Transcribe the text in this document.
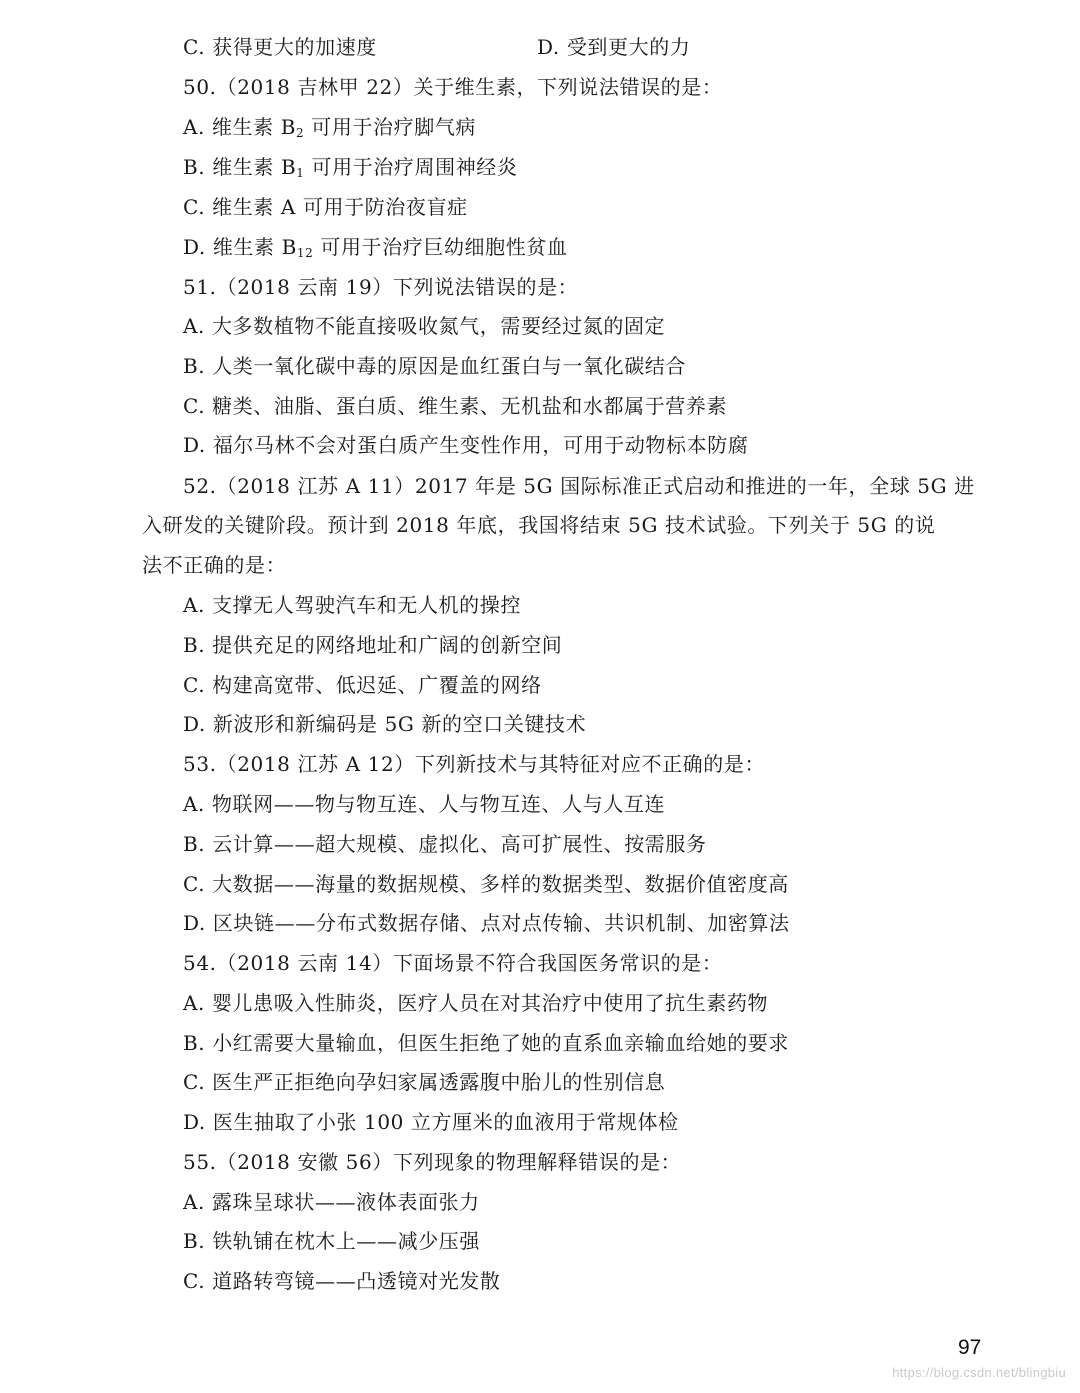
C. 获得更大的加速度	D. 受到更大的力
50.（2018 吉林甲 22）关于维生素，下列说法错误的是：
A. 维生素 $B_2$ 可用于治疗脚气病
B. 维生素 $B_1$ 可用于治疗周围神经炎
C. 维生素 A 可用于防治夜盲症
D. 维生素 $B_{12}$ 可用于治疗巨幼细胞性贫血
51.（2018 云南 19）下列说法错误的是：
A. 大多数植物不能直接吸收氮气，需要经过氮的固定
B. 人类一氧化碳中毒的原因是血红蛋白与一氧化碳结合
C. 糖类、油脂、蛋白质、维生素、无机盐和水都属于营养素
D. 福尔马林不会对蛋白质产生变性作用，可用于动物标本防腐
52.（2018 江苏 A 11）2017 年是 5G 国际标准正式启动和推进的一年，全球 5G 进
入研发的关键阶段。预计到 2018 年底，我国将结束 5G 技术试验。下列关于 5G 的说
法不正确的是：
A. 支撑无人驾驶汽车和无人机的操控
B. 提供充足的网络地址和广阔的创新空间
C. 构建高宽带、低迟延、广覆盖的网络
D. 新波形和新编码是 5G 新的空口关键技术
53.（2018 江苏 A 12）下列新技术与其特征对应不正确的是：
A. 物联网——物与物互连、人与物互连、人与人互连
B. 云计算——超大规模、虚拟化、高可扩展性、按需服务
C. 大数据——海量的数据规模、多样的数据类型、数据价值密度高
D. 区块链——分布式数据存储、点对点传输、共识机制、加密算法
54.（2018 云南 14）下面场景不符合我国医务常识的是：
A. 婴儿患吸入性肺炎，医疗人员在对其治疗中使用了抗生素药物
B. 小红需要大量输血，但医生拒绝了她的直系血亲输血给她的要求
C. 医生严正拒绝向孕妇家属透露腹中胎儿的性别信息
D. 医生抽取了小张 100 立方厘米的血液用于常规体检
55.（2018 安徽 56）下列现象的物理解释错误的是：
A. 露珠呈球状——液体表面张力
B. 铁轨铺在枕木上——减少压强
C. 道路转弯镜——凸透镜对光发散
97
https://blog.csdn.net/blingbiu
